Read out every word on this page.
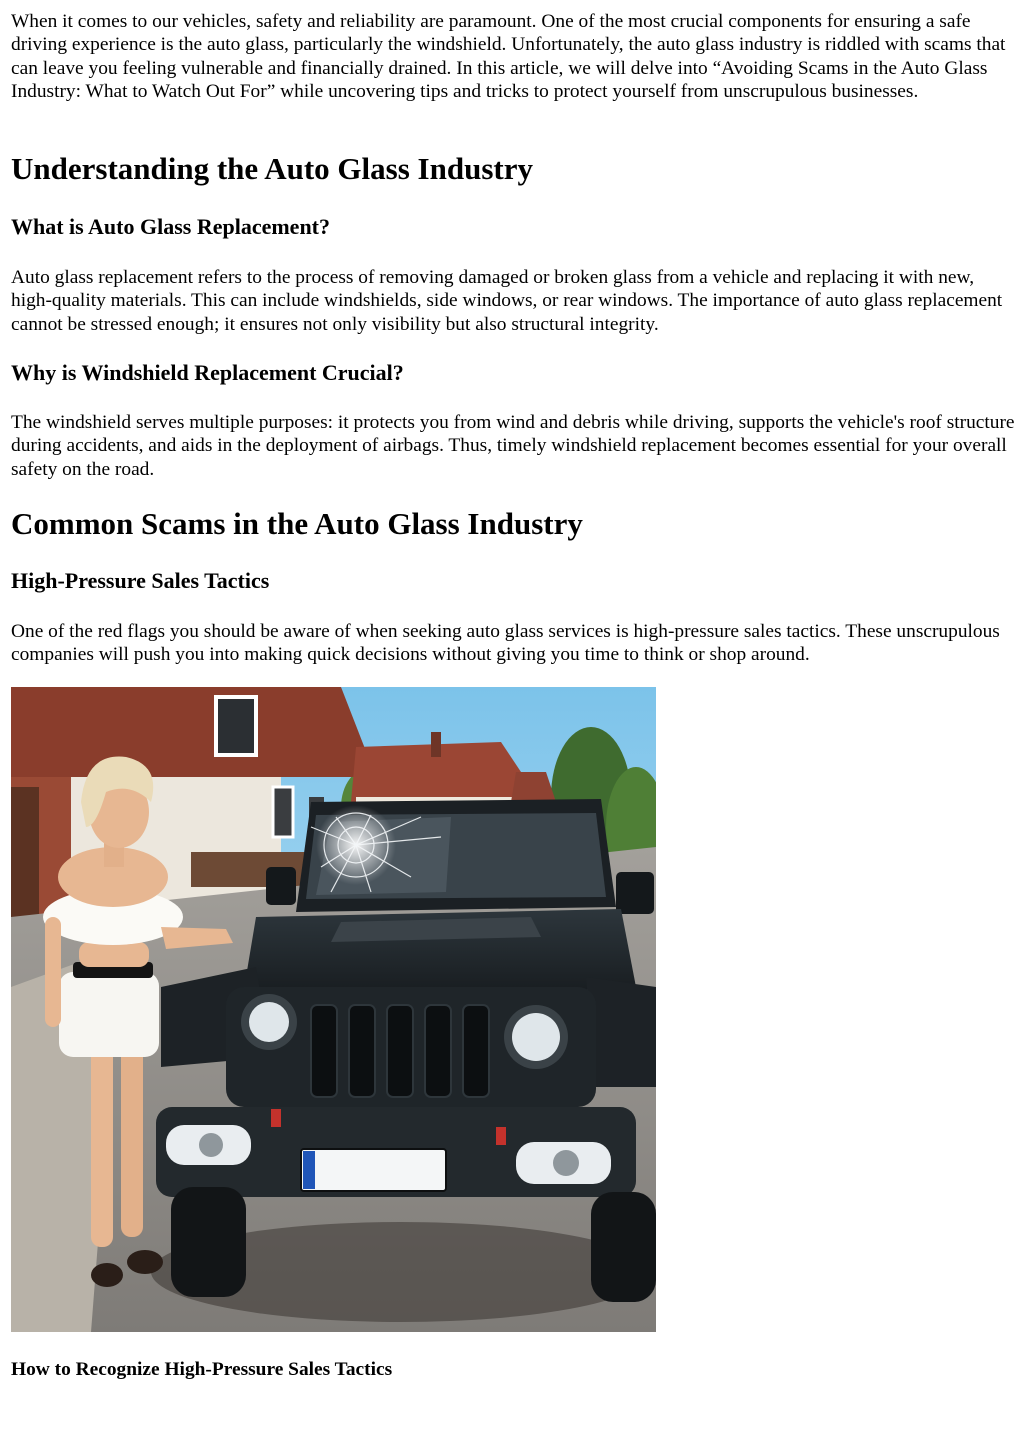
When it comes to our vehicles, safety and reliability are paramount. One of the most crucial components for ensuring a safe driving experience is the auto glass, particularly the windshield. Unfortunately, the auto glass industry is riddled with scams that can leave you feeling vulnerable and financially drained. In this article, we will delve into “Avoiding Scams in the Auto Glass Industry: What to Watch Out For” while uncovering tips and tricks to protect yourself from unscrupulous businesses.

Understanding the Auto Glass Industry
What is Auto Glass Replacement?

Auto glass replacement refers to the process of removing damaged or broken glass from a vehicle and replacing it with new, high-quality materials. This can include windshields, side windows, or rear windows. The importance of auto glass replacement cannot be stressed enough; it ensures not only visibility but also structural integrity.

Why is Windshield Replacement Crucial?

The windshield serves multiple purposes: it protects you from wind and debris while driving, supports the vehicle's roof structure during accidents, and aids in the deployment of airbags. Thus, timely windshield replacement becomes essential for your overall safety on the road.

Common Scams in the Auto Glass Industry
High-Pressure Sales Tactics

One of the red flags you should be aware of when seeking auto glass services is high-pressure sales tactics. These unscrupulous companies will push you into making quick decisions without giving you time to think or shop around.

How to Recognize High-Pressure Sales Tactics
